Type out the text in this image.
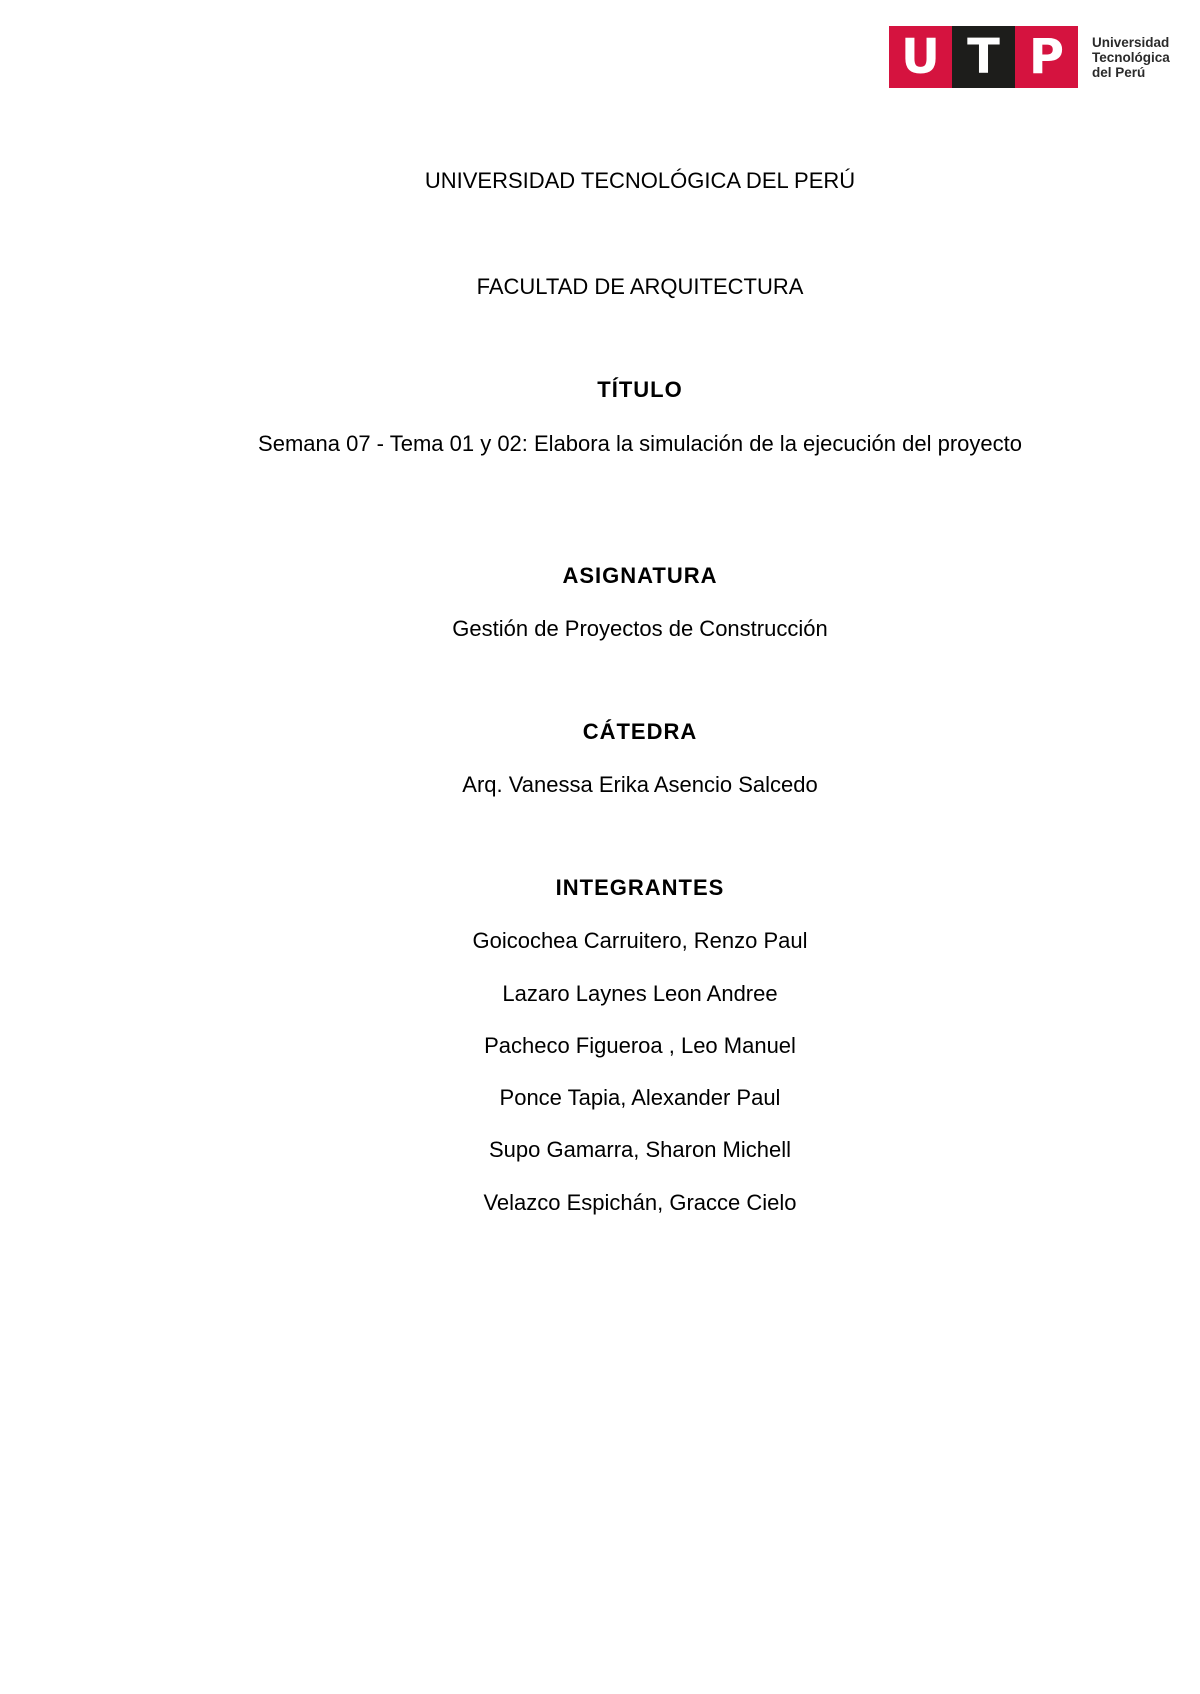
U T P	Universidad
Tecnológica
del Perú
UNIVERSIDAD TECNOLÓGICA DEL PERÚ
FACULTAD DE ARQUITECTURA
TÍTULO
Semana 07 - Tema 01 y 02: Elabora la simulación de la ejecución del proyecto
ASIGNATURA
Gestión de Proyectos de Construcción
CÁTEDRA
Arq. Vanessa Erika Asencio Salcedo
INTEGRANTES
Goicochea Carruitero, Renzo Paul
Lazaro Laynes Leon Andree
Pacheco Figueroa , Leo Manuel
Ponce Tapia, Alexander Paul
Supo Gamarra, Sharon Michell
Velazco Espichán, Gracce Cielo
